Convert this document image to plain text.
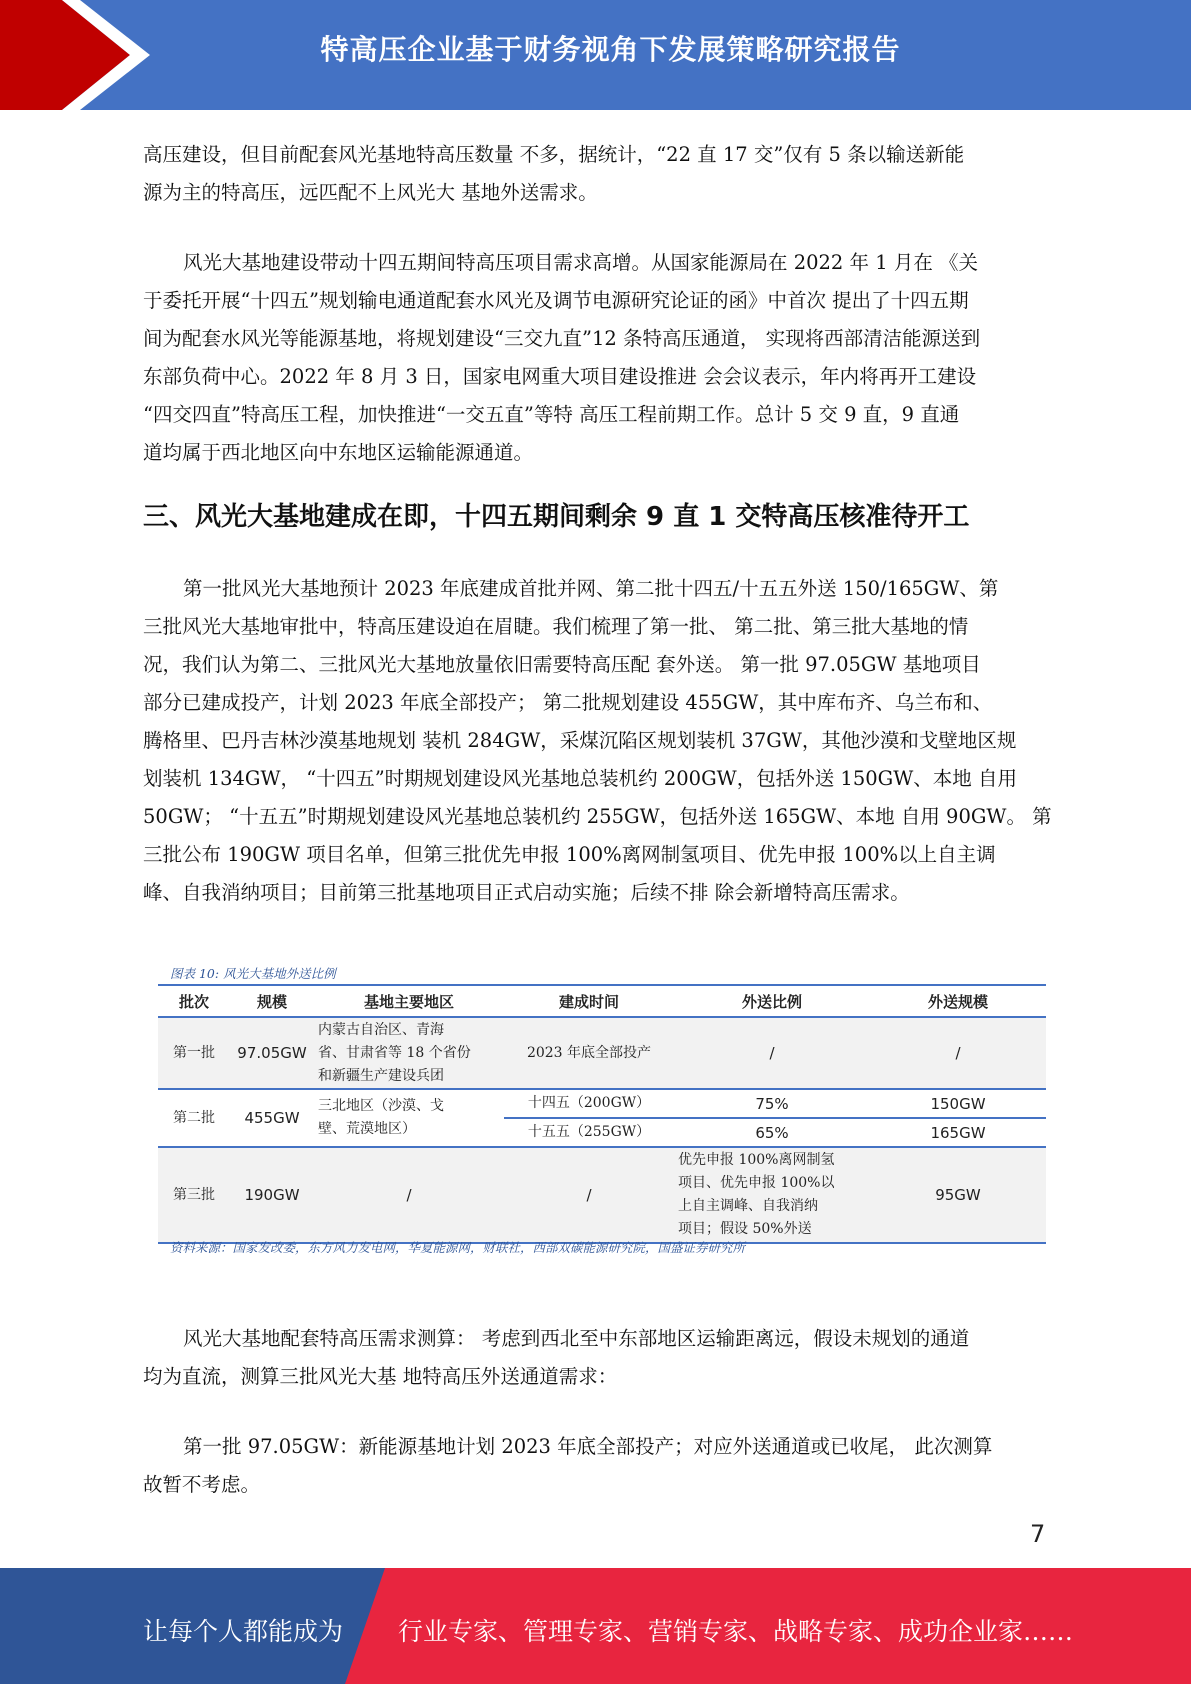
特高压企业基于财务视角下发展策略研究报告

高压建设，但目前配套风光基地特高压数量 不多，据统计，“22 直 17 交”仅有 5 条以输送新能
源为主的特高压，远匹配不上风光大 基地外送需求。

风光大基地建设带动十四五期间特高压项目需求高增。从国家能源局在 2022 年 1 月在 《关
于委托开展“十四五”规划输电通道配套水风光及调节电源研究论证的函》中首次 提出了十四五期
间为配套水风光等能源基地，将规划建设“三交九直”12 条特高压通道， 实现将西部清洁能源送到
东部负荷中心。2022 年 8 月 3 日，国家电网重大项目建设推进 会会议表示，年内将再开工建设
“四交四直”特高压工程，加快推进“一交五直”等特 高压工程前期工作。总计 5 交 9 直，9 直通
道均属于西北地区向中东地区运输能源通道。

三、风光大基地建成在即，十四五期间剩余 9 直 1 交特高压核准待开工

第一批风光大基地预计 2023 年底建成首批并网、第二批十四五/十五五外送 150/165GW、第
三批风光大基地审批中，特高压建设迫在眉睫。我们梳理了第一批、 第二批、第三批大基地的情
况，我们认为第二、三批风光大基地放量依旧需要特高压配 套外送。 第一批 97.05GW 基地项目
部分已建成投产，计划 2023 年底全部投产； 第二批规划建设 455GW，其中库布齐、乌兰布和、
腾格里、巴丹吉林沙漠基地规划 装机 284GW，采煤沉陷区规划装机 37GW，其他沙漠和戈壁地区规
划装机 134GW， “十四五”时期规划建设风光基地总装机约 200GW，包括外送 150GW、本地 自用
50GW； “十五五”时期规划建设风光基地总装机约 255GW，包括外送 165GW、本地 自用 90GW。 第
三批公布 190GW 项目名单，但第三批优先申报 100%离网制氢项目、优先申报 100%以上自主调
峰、自我消纳项目；目前第三批基地项目正式启动实施；后续不排 除会新增特高压需求。

图表 10: 风光大基地外送比例
批次	规模	基地主要地区	建成时间	外送比例	外送规模
第一批	97.05GW	内蒙古自治区、青海
省、甘肃省等 18 个省份
和新疆生产建设兵团	2023 年底全部投产	/	/
第二批	455GW	三北地区（沙漠、戈
壁、荒漠地区）	十四五（200GW）	75%	150GW
			十五五（255GW）	65%	165GW
第三批	190GW	/	/	优先申报 100%离网制氢
项目、优先申报 100%以
上自主调峰、自我消纳
项目；假设 50%外送	95GW
资料来源：国家发改委，东方风力发电网，华夏能源网，财联社，西部双碳能源研究院，国盛证券研究所

风光大基地配套特高压需求测算： 考虑到西北至中东部地区运输距离远，假设未规划的通道
均为直流，测算三批风光大基 地特高压外送通道需求：

第一批 97.05GW：新能源基地计划 2023 年底全部投产；对应外送通道或已收尾， 此次测算
故暂不考虑。

7
让每个人都能成为 行业专家、管理专家、营销专家、战略专家、成功企业家……
